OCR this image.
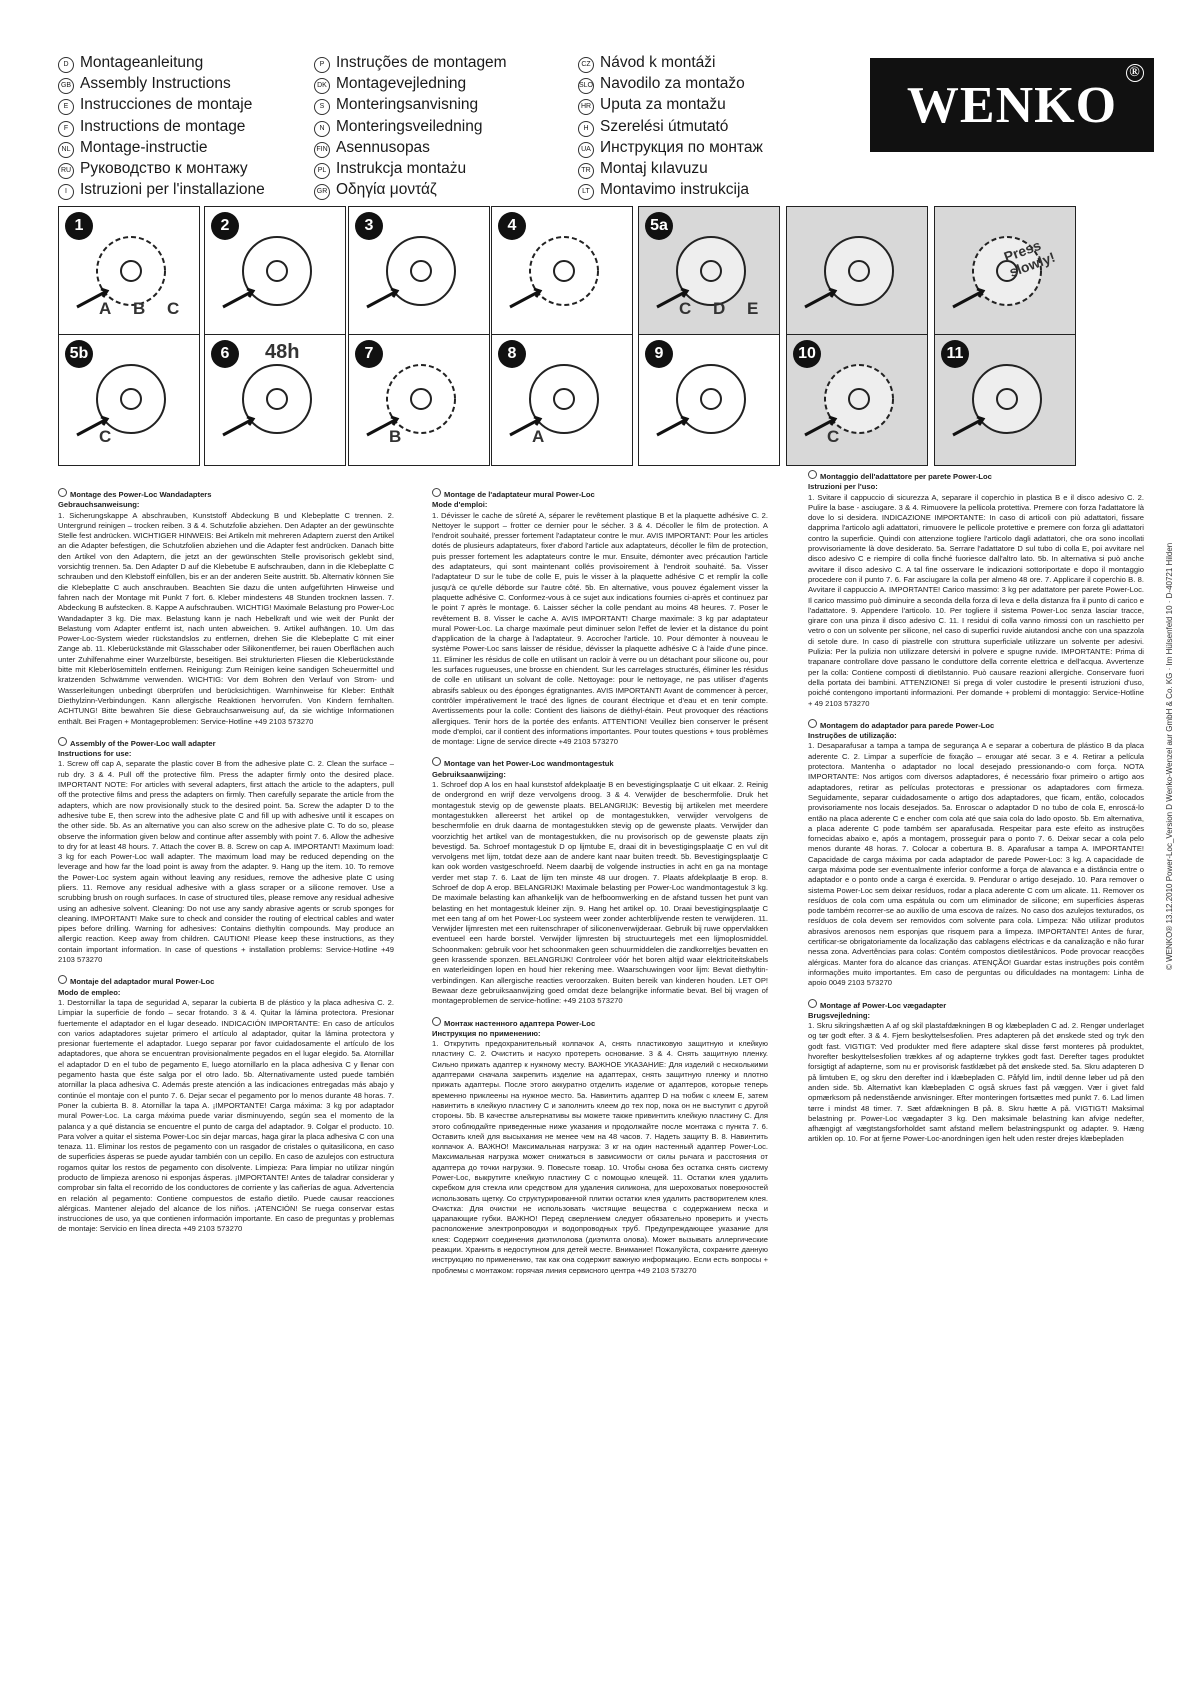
D Montageanleitung
GB Assembly Instructions
E Instrucciones de montaje
F Instructions de montage
NL Montage-instructie
RU Руководство к монтажу
I Istruzioni per l'installazione
P Instruções de montagem
DK Montagevejledning
S Monteringsanvisning
N Monteringsveiledning
FIN Asennusopas
PL Instrukcja montażu
GR Οδηγία μοντάζ
CZ Návod k montáži
SLO Navodilo za montažo
HR Uputa za montažu
H Szerelési útmutató
UA Инструкция по монтаж
TR Montaj kılavuzu
LT Montavimo instrukcija
WENKO
®
1
A B C
2	3	4	5a
C D E
Press slowly!
5b
C
6	48h	7
B
8
A
9	10
C
11

Montage des Power-Loc Wandadapters
Gebrauchsanweisung:
1. Sicherungskappe A abschrauben, Kunststoff Abdeckung B und Klebeplatte C trennen. 2. Untergrund reinigen – trocken reiben. 3 & 4. Schutzfolie abziehen. Den Adapter an der gewünschte Stelle fest andrücken. WICHTIGER HINWEIS: Bei Artikeln mit mehreren Adaptern zuerst den Artikel an die Adapter befestigen, die Schutzfolien abziehen und die Adapter fest andrücken. Danach bitte den Artikel von den Adaptern, die jetzt an der gewünschten Stelle provisorisch geklebt sind, vorsichtig trennen. 5a. Den Adapter D auf die Klebetube E aufschrauben, dann in die Klebeplatte C schrauben und den Klebstoff einfüllen, bis er an der anderen Seite austritt. 5b. Alternativ können Sie die Klebeplatte C auch anschrauben. Beachten Sie dazu die unten aufgeführten Hinweise und fahren nach der Montage mit Punkt 7 fort. 6. Kleber mindestens 48 Stunden trocknen lassen. 7. Abdeckung B aufstecken. 8. Kappe A aufschrauben. WICHTIG! Maximale Belastung pro Power-Loc Wandadapter 3 kg. Die max. Belastung kann je nach Hebelkraft und wie weit der Punkt der Belastung vom Adapter entfernt ist, nach unten abweichen. 9. Artikel aufhängen. 10. Um das Power-Loc-System wieder rückstandslos zu entfernen, drehen Sie die Klebeplatte C mit einer Zange ab. 11. Kleberückstände mit Glasschaber oder Silikonentferner, bei rauen Oberflächen auch unter Zuhilfenahme einer Wurzelbürste, beseitigen. Bei strukturierten Fliesen die Kleberückstände bitte mit Kleberlösemitteln entfernen. Reinigung: Zum Reinigen keine sandigen Scheuermittel und kratzenden Schwämme verwenden. WICHTIG: Vor dem Bohren den Verlauf von Strom- und Wasserleitungen unbedingt überprüfen und berücksichtigen. Warnhinweise für Kleber: Enthält Diethylzinn-Verbindungen. Kann allergische Reaktionen hervorrufen. Von Kindern fernhalten. ACHTUNG! Bitte bewahren Sie diese Gebrauchsanweisung auf, da sie wichtige Informationen enthält. Bei Fragen + Montageproblemen: Service-Hotline +49 2103 573270

Assembly of the Power-Loc wall adapter
Instructions for use:
1. Screw off cap A, separate the plastic cover B from the adhesive plate C. 2. Clean the surface – rub dry. 3 & 4. Pull off the protective film. Press the adapter firmly onto the desired place. IMPORTANT NOTE: For articles with several adapters, first attach the article to the adapters, pull off the protective films and press the adapters on firmly. Then carefully separate the article from the adapters, which are now provisionally stuck to the desired point. 5a. Screw the adapter D to the adhesive tube E, then screw into the adhesive plate C and fill up with adhesive until it escapes on the other side. 5b. As an alternative you can also screw on the adhesive plate C. To do so, please observe the information given below and continue after assembly with point 7. 6. Allow the adhesive to dry for at least 48 hours. 7. Attach the cover B. 8. Screw on cap A. IMPORTANT! Maximum load: 3 kg for each Power-Loc wall adapter. The maximum load may be reduced depending on the leverage and how far the load point is away from the adapter. 9. Hang up the item. 10. To remove the Power-Loc system again without leaving any residues, remove the adhesive plate C using pliers. 11. Remove any residual adhesive with a glass scraper or a silicone remover. Use a scrubbing brush on rough surfaces. In case of structured tiles, please remove any residual adhesive using an adhesive solvent. Cleaning: Do not use any sandy abrasive agents or scrub sponges for cleaning. IMPORTANT! Make sure to check and consider the routing of electrical cables and water pipes before drilling. Warning for adhesives: Contains diethyltin compounds. May produce an allergic reaction. Keep away from children. CAUTION! Please keep these instructions, as they contain important information. In case of questions + installation problems: Service-Hotline +49 2103 573270

Montaje del adaptador mural Power-Loc
Modo de empleo:
1. Destornillar la tapa de seguridad A, separar la cubierta B de plástico y la placa adhesiva C. 2. Limpiar la superficie de fondo – secar frotando. 3 & 4. Quitar la lámina protectora. Presionar fuertemente el adaptador en el lugar deseado. INDICACIÓN IMPORTANTE: En caso de artículos con varios adaptadores sujetar primero el artículo al adaptador, quitar la lámina protectora y presionar fuertemente el adaptador. Luego separar por favor cuidadosamente el artículo de los adaptadores, que ahora se encuentran provisionalmente pegados en el lugar elegido. 5a. Atornillar el adaptador D en el tubo de pegamento E, luego atornillarlo en la placa adhesiva C y llenar con pegamento hasta que éste salga por el otro lado. 5b. Alternativamente usted puede también atornillar la placa adhesiva C. Además preste atención a las indicaciones entregadas más abajo y continúe el montaje con el punto 7. 6. Dejar secar el pegamento por lo menos durante 48 horas. 7. Poner la cubierta B. 8. Atornillar la tapa A. ¡IMPORTANTE! Carga máxima: 3 kg por adaptador mural Power-Loc. La carga máxima puede variar disminuyendo, según sea el momento de la palanca y a qué distancia se encuentre el punto de carga del adaptador. 9. Colgar el producto. 10. Para volver a quitar el sistema Power-Loc sin dejar marcas, haga girar la placa adhesiva C con una tenaza. 11. Eliminar los restos de pegamento con un rasgador de cristales o quitasilicona, en caso de superficies ásperas se puede ayudar también con un cepillo. En caso de azulejos con estructura rogamos quitar los restos de pegamento con disolvente. Limpieza: Para limpiar no utilizar ningún producto de limpieza arenoso ni esponjas ásperas. ¡IMPORTANTE! Antes de taladrar considerar y comprobar sin falta el recorrido de los conductores de corriente y las cañerías de agua. Advertencia en relación al pegamento: Contiene compuestos de estaño dietilo. Puede causar reacciones alérgicas. Mantener alejado del alcance de los niños. ¡ATENCIÓN! Se ruega conservar estas instrucciones de uso, ya que contienen información importante. En caso de preguntas y problemas de montaje: Servicio en línea directa +49 2103 573270

Montage de l'adaptateur mural Power-Loc
Mode d'emploi:
1. Dévisser le cache de sûreté A, séparer le revêtement plastique B et la plaquette adhésive C. 2. Nettoyer le support – frotter ce dernier pour le sécher. 3 & 4. Décoller le film de protection. A l'endroit souhaité, presser fortement l'adaptateur contre le mur. AVIS IMPORTANT: Pour les articles dotés de plusieurs adaptateurs, fixer d'abord l'article aux adaptateurs, décoller le film de protection, puis presser fortement les adaptateurs contre le mur. Ensuite, démonter avec précaution l'article des adaptateurs, qui sont maintenant collés provisoirement à l'endroit souhaité. 5a. Visser l'adaptateur D sur le tube de colle E, puis le visser à la plaquette adhésive C et remplir la colle jusqu'à ce qu'elle déborde sur l'autre côté. 5b. En alternative, vous pouvez également visser la plaquette adhésive C. Conformez-vous à ce sujet aux indications fournies ci-après et continuez par le point 7 après le montage. 6. Laisser sécher la colle pendant au moins 48 heures. 7. Poser le revêtement B. 8. Visser le cache A. AVIS IMPORTANT! Charge maximale: 3 kg par adaptateur mural Power-Loc. La charge maximale peut diminuer selon l'effet de levier et la distance du point d'application de la charge à l'adaptateur. 9. Accrocher l'article. 10. Pour démonter à nouveau le système Power-Loc sans laisser de résidue, dévisser la plaquette adhésive C à l'aide d'une pince. 11. Eliminer les résidus de colle en utilisant un racloir à verre ou un détachant pour silicone ou, pour les surfaces rugueuses, une brosse en chiendent. Sur les carrelages structurés, éliminer les résidus de colle en utilisant un solvant de colle. Nettoyage: pour le nettoyage, ne pas utiliser d'agents abrasifs sableux ou des éponges égratignantes. AVIS IMPORTANT! Avant de commencer à percer, contrôler impérativement le tracé des lignes de courant électrique et d'eau et en tenir compte. Avertissements pour la colle: Contient des liaisons de diéthyl-étain. Peut provoquer des réactions allergiques. Tenir hors de la portée des enfants. ATTENTION! Veuillez bien conserver le présent mode d'emploi, car il contient des informations importantes. Pour toutes questions + tous problèmes de montage: Ligne de service directe +49 2103 573270

Montage van het Power-Loc wandmontagestuk
Gebruiksaanwijzing:
1. Schroef dop A los en haal kunststof afdekplaatje B en bevestigingsplaatje C uit elkaar. 2. Reinig de ondergrond en wrijf deze vervolgens droog. 3 & 4. Verwijder de beschermfolie. Druk het montagestuk stevig op de gewenste plaats. BELANGRIJK: Bevestig bij artikelen met meerdere montagestukken allereerst het artikel op de montagestukken, verwijder vervolgens de beschermfolie en druk daarna de montagestukken stevig op de gewenste plaats. Verwijder dan voorzichtig het artikel van de montagestukken, die nu provisorisch op de gewenste plaats zijn bevestigd. 5a. Schroef montagestuk D op lijmtube E, draai dit in bevestigingsplaatje C en vul dit vervolgens met lijm, totdat deze aan de andere kant naar buiten treedt. 5b. Bevestigingsplaatje C kan ook worden vastgeschroefd. Neem daarbij de volgende instructies in acht en ga na montage verder met stap 7. 6. Laat de lijm ten minste 48 uur drogen. 7. Plaats afdekplaatje B erop. 8. Schroef de dop A erop. BELANGRIJK! Maximale belasting per Power-Loc wandmontagestuk 3 kg. De maximale belasting kan afhankelijk van de hefboomwerking en de afstand tussen het punt van belasting en het montagestuk kleiner zijn. 9. Hang het artikel op. 10. Draai bevestigingsplaatje C met een tang af om het Power-Loc systeem weer zonder achterblijvende resten te verwijderen. 11. Verwijder lijmresten met een ruitenschraper of siliconenverwijderaar. Gebruik bij ruwe oppervlakken eventueel een harde borstel. Verwijder lijmresten bij structuurtegels met een lijmoplosmiddel. Schoonmaken: gebruik voor het schoonmaken geen schuurmiddelen die zandkorreltjes bevatten en geen krassende sponzen. BELANGRIJK! Controleer vóór het boren altijd waar elektriciteitskabels en waterleidingen lopen en houd hier rekening mee. Waarschuwingen voor lijm: Bevat diethyltin-verbindingen. Kan allergische reacties veroorzaken. Buiten bereik van kinderen houden. LET OP! Bewaar deze gebruiksaanwijzing goed omdat deze belangrijke informatie bevat. Bel bij vragen of montageproblemen de service-hotline: +49 2103 573270

Монтаж настенного адаптера Power-Loc
Инструкция по применению:
1. Открутить предохранительный колпачок А, снять пластиковую защитную и клейкую пластину С. 2. Очистить и насухо протереть основание. 3 & 4. Снять защитную пленку. Сильно прижать адаптер к нужному месту. ВАЖНОЕ УКАЗАНИЕ: Для изделий с несколькими адаптерами сначала закрепить изделие на адаптерах, снять защитную пленку и плотно прижать адаптеры. После этого аккуратно отделить изделие от адаптеров, которые теперь временно приклеены на нужное место. 5a. Навинтить адаптер D на тюбик с клеем E, затем навинтить в клейкую пластину С и заполнить клеем до тех пор, пока он не выступит с другой стороны. 5b. В качестве альтернативы вы можете также привинтить клейкую пластину С. Для этого соблюдайте приведенные ниже указания и продолжайте после монтажа с пункта 7. 6. Оставить клей для высыхания не менее чем на 48 часов. 7. Надеть защиту B. 8. Навинтить колпачок А. ВАЖНО! Максимальная нагрузка: 3 кг на один настенный адаптер Power-Loc. Максимальная нагрузка может снижаться в зависимости от силы рычага и расстояния от адаптера до точки нагрузки. 9. Повесьте товар. 10. Чтобы снова без остатка снять систему Power-Loc, выкрутите клейкую пластину С с помощью клещей. 11. Остатки клея удалить скребком для стекла или средством для удаления силикона, для шероховатых поверхностей использовать щетку. Со структурированной плитки остатки клея удалить растворителем клея. Очистка: Для очистки не использовать чистящие вещества с содержанием песка и царапающие губки. ВАЖНО! Перед сверлением следует обязательно проверить и учесть расположение электропроводки и водопроводных труб. Предупреждающее указание для клея: Содержит соединения диэтилолова (диэтилта олова). Может вызывать аллергические реакции. Хранить в недоступном для детей месте. Внимание! Пожалуйста, сохраните данную инструкцию по применению, так как она содержит важную информацию. Если есть вопросы + проблемы с монтажом: горячая линия сервисного центра +49 2103 573270

Montaggio dell'adattatore per parete Power-Loc
Istruzioni per l'uso:
1. Svitare il cappuccio di sicurezza A, separare il coperchio in plastica B e il disco adesivo C. 2. Pulire la base - asciugare. 3 & 4. Rimuovere la pellicola protettiva. Premere con forza l'adattatore là dove lo si desidera. INDICAZIONE IMPORTANTE: In caso di articoli con più adattatori, fissare dapprima l'articolo agli adattatori, rimuovere le pellicole protettive e premere con forza gli adattatori contro la superficie. Quindi con attenzione togliere l'articolo dagli adattatori, che ora sono incollati provvisoriamente là dove desiderato. 5a. Serrare l'adattatore D sul tubo di colla E, poi avvitare nel disco adesivo C e riempire di colla finché fuoriesce dall'altro lato. 5b. In alternativa si può anche avvitare il disco adesivo C. A tal fine osservare le indicazioni sottoriportate e dopo il montaggio procedere con il punto 7. 6. Far asciugare la colla per almeno 48 ore. 7. Applicare il coperchio B. 8. Avvitare il cappuccio A. IMPORTANTE! Carico massimo: 3 kg per adattatore per parete Power-Loc. Il carico massimo può diminuire a seconda della forza di leva e della distanza fra il punto di carico e l'adattatore. 9. Appendere l'articolo. 10. Per togliere il sistema Power-Loc senza lasciar tracce, girare con una pinza il disco adesivo C. 11. I residui di colla vanno rimossi con un raschietto per vetro o con un solvente per silicone, nel caso di superfici ruvide aiutandosi anche con una spazzola di setole dure. In caso di piastrelle con struttura superficiale utilizzare un solvente per adesivi. Pulizia: Per la pulizia non utilizzare detersivi in polvere e spugne ruvide. IMPORTANTE: Prima di trapanare controllare dove passano le conduttore della corrente elettrica e dell'acqua. Avvertenze per la colla: Contiene composti di dietilstannio. Può causare reazioni allergiche. Conservare fuori della portata dei bambini. ATTENZIONE! Si prega di voler custodire le presenti istruzioni d'uso, poiché contengono importanti informazioni. Per domande + problemi di montaggio: Service-Hotline + 49 2103 573270

Montagem do adaptador para parede Power-Loc
Instruções de utilização:
1. Desaparafusar a tampa a tampa de segurança A e separar a cobertura de plástico B da placa aderente C. 2. Limpar a superfície de fixação – enxugar até secar. 3 e 4. Retirar a película protectora. Mantenha o adaptador no local desejado pressionando-o com força. NOTA IMPORTANTE: Nos artigos com diversos adaptadores, é necessário fixar primeiro o artigo aos adaptadores, retirar as películas protectoras e pressionar os adaptadores com firmeza. Seguidamente, separar cuidadosamente o artigo dos adaptadores, que ficam, então, colocados provisoriamente nos locais desejados. 5a. Enroscar o adaptador D no tubo de cola E, enroscá-lo então na placa aderente C e encher com cola até que saia cola do lado oposto. 5b. Em alternativa, a placa aderente C pode também ser aparafusada. Respeitar para este efeito as instruções fornecidas abaixo e, após a montagem, prosseguir para o ponto 7. 6. Deixar secar a cola pelo menos durante 48 horas. 7. Colocar a cobertura B. 8. Aparafusar a tampa A. IMPORTANTE! Capacidade de carga máxima por cada adaptador de parede Power-Loc: 3 kg. A capacidade de carga máxima pode ser eventualmente inferior conforme a força de alavanca e a distância entre o adaptador e o ponto onde a carga é exercida. 9. Pendurar o artigo desejado. 10. Para remover o sistema Power-Loc sem deixar resíduos, rodar a placa aderente C com um alicate. 11. Remover os resíduos de cola com uma espátula ou com um eliminador de silicone; em superfícies ásperas pode também recorrer-se ao auxílio de uma escova de raízes. No caso dos azulejos texturados, os resíduos de cola devem ser removidos com solvente para cola. Limpeza: Não utilizar produtos abrasivos arenosos nem esponjas que risquem para a limpeza. IMPORTANTE! Antes de furar, certificar-se obrigatoriamente da localização das cablagens eléctricas e da canalização e não furar nessa zona. Advertências para colas: Contém compostos dietilestânicos. Pode provocar reacções alérgicas. Manter fora do alcance das crianças. ATENÇÃO! Guardar estas instruções pois contêm informações muito importantes. Em caso de perguntas ou dificuldades na montagem: Linha de apoio 0049 2103 573270

Montage af Power-Loc vægadapter
Brugsvejledning:
1. Skru sikringshætten A af og skil plastafdækningen B og klæbepladen C ad. 2. Rengør underlaget og tør godt efter. 3 & 4. Fjern beskyttelsesfolien. Pres adapteren på det ønskede sted og tryk den godt fast. VIGTIGT: Ved produkter med flere adaptere skal disse først monteres på produktet, hvorefter beskyttelsesfolien trækkes af og adapterne trykkes godt fast. Derefter tages produktet forsigtigt af adapterne, som nu er provisorisk fastklæbet på det ønskede sted. 5a. Skru adapteren D på limtuben E, og skru den derefter ind i klæbepladen C. Påfyld lim, indtil denne løber ud på den anden side. 5b. Alternativt kan klæbepladen C også skrues fast på væggen. Vær i givet fald opmærksom på nedenstående anvisninger. Efter monteringen fortsættes med punkt 7. 6. Lad limen tørre i mindst 48 timer. 7. Sæt afdækningen B på. 8. Skru hætte A på. VIGTIGT! Maksimal belastning pr. Power-Loc vægadapter 3 kg. Den maksimale belastning kan afvige nedefter, afhængigt af vægtstangsforholdet samt afstand mellem belastningspunkt og adapter. 9. Hæng artiklen op. 10. For at fjerne Power-Loc-anordningen igen helt uden rester drejes klæbepladen

© WENKO® 13.12.2010 Power-Loc_Version D Wenko-Wenzel aur GmbH & Co. KG · Im Hülsenfeld 10 · D-40721 Hilden
